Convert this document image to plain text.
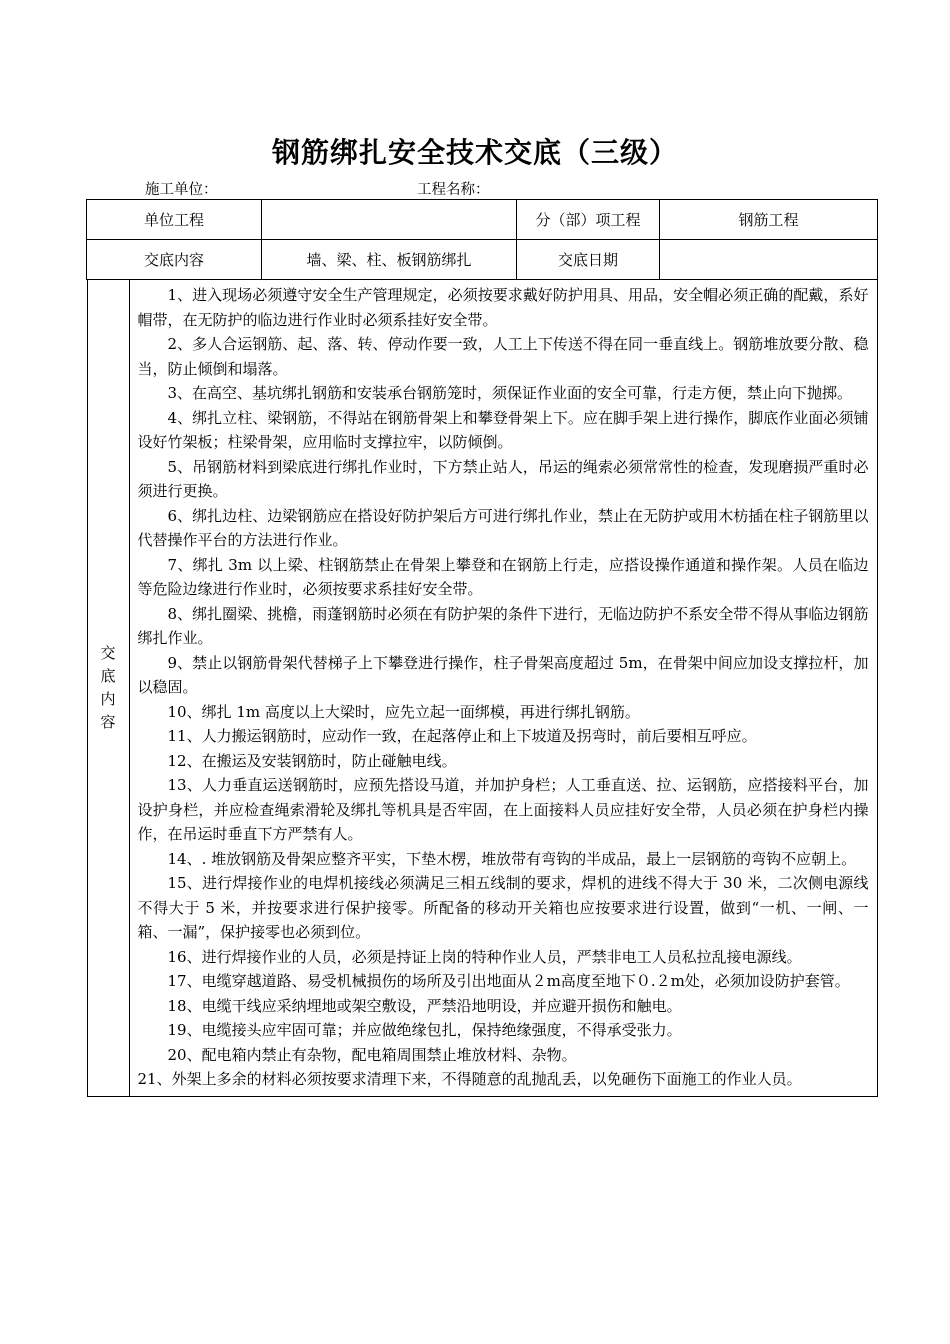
钢筋绑扎安全技术交底（三级）
施工单位：	工程名称：
单位工程		分（部）项工程	钢筋工程
交底内容	墙、梁、柱、板钢筋绑扎	交底日期	

交
底
内
容

1、进入现场必须遵守安全生产管理规定，必须按要求戴好防护用具、用品，安全帽必须正确的配戴，系好帽带，在无防护的临边进行作业时必须系挂好安全带。

2、多人合运钢筋、起、落、转、停动作要一致，人工上下传送不得在同一垂直线上。钢筋堆放要分散、稳当，防止倾倒和塌落。

3、在高空、基坑绑扎钢筋和安装承台钢筋笼时，须保证作业面的安全可靠，行走方便，禁止向下抛掷。

4、绑扎立柱、梁钢筋，不得站在钢筋骨架上和攀登骨架上下。应在脚手架上进行操作，脚底作业面必须铺设好竹架板；柱梁骨架，应用临时支撑拉牢，以防倾倒。

5、吊钢筋材料到梁底进行绑扎作业时，下方禁止站人，吊运的绳索必须常常性的检查，发现磨损严重时必须进行更换。

6、绑扎边柱、边梁钢筋应在搭设好防护架后方可进行绑扎作业，禁止在无防护或用木枋插在柱子钢筋里以代替操作平台的方法进行作业。

7、绑扎 3m 以上梁、柱钢筋禁止在骨架上攀登和在钢筋上行走，应搭设操作通道和操作架。人员在临边等危险边缘进行作业时，必须按要求系挂好安全带。

8、绑扎圈梁、挑檐，雨蓬钢筋时必须在有防护架的条件下进行，无临边防护不系安全带不得从事临边钢筋绑扎作业。

9、禁止以钢筋骨架代替梯子上下攀登进行操作，柱子骨架高度超过 5m，在骨架中间应加设支撑拉杆，加以稳固。

10、绑扎 1m 高度以上大梁时，应先立起一面绑模，再进行绑扎钢筋。

11、人力搬运钢筋时，应动作一致，在起落停止和上下坡道及拐弯时，前后要相互呼应。

12、在搬运及安装钢筋时，防止碰触电线。

13、人力垂直运送钢筋时，应预先搭设马道，并加护身栏；人工垂直送、拉、运钢筋，应搭接料平台，加设护身栏，并应检查绳索滑轮及绑扎等机具是否牢固，在上面接料人员应挂好安全带，人员必须在护身栏内操作，在吊运时垂直下方严禁有人。

14、. 堆放钢筋及骨架应整齐平实，下垫木楞，堆放带有弯钩的半成品，最上一层钢筋的弯钩不应朝上。

15、进行焊接作业的电焊机接线必须满足三相五线制的要求，焊机的进线不得大于 30 米，二次侧电源线不得大于 5 米，并按要求进行保护接零。所配备的移动开关箱也应按要求进行设置，做到“一机、一闸、一箱、一漏”，保护接零也必须到位。

16、进行焊接作业的人员，必须是持证上岗的特种作业人员，严禁非电工人员私拉乱接电源线。

17、电缆穿越道路、易受机械损伤的场所及引出地面从２m高度至地下０.２m处，必须加设防护套管。

18、电缆干线应采纳埋地或架空敷设，严禁沿地明设，并应避开损伤和触电。

19、电缆接头应牢固可靠；并应做绝缘包扎，保持绝缘强度，不得承受张力。

20、配电箱内禁止有杂物，配电箱周围禁止堆放材料、杂物。

21、外架上多余的材料必须按要求清理下来，不得随意的乱抛乱丢，以免砸伤下面施工的作业人员。
